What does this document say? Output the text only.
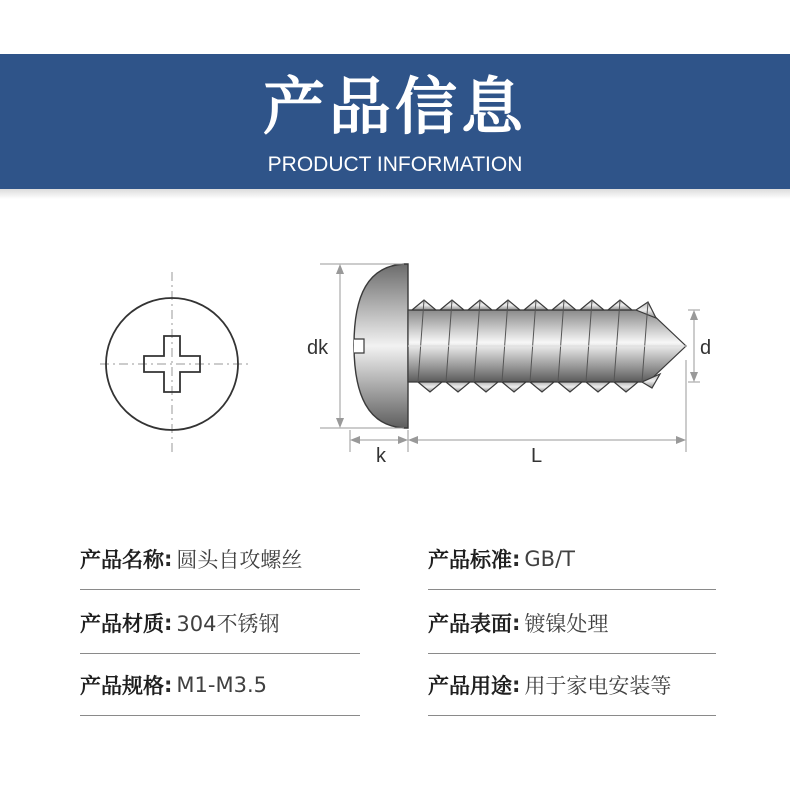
产品信息
PRODUCT INFORMATION
dk	d
k	L
产品名称 : 圆头自攻螺丝
产品材质 : 304不锈钢
产品规格 : M1-M3.5
产品标准 : GB/T
产品表面 : 镀镍处理
产品用途 : 用于家电安装等
